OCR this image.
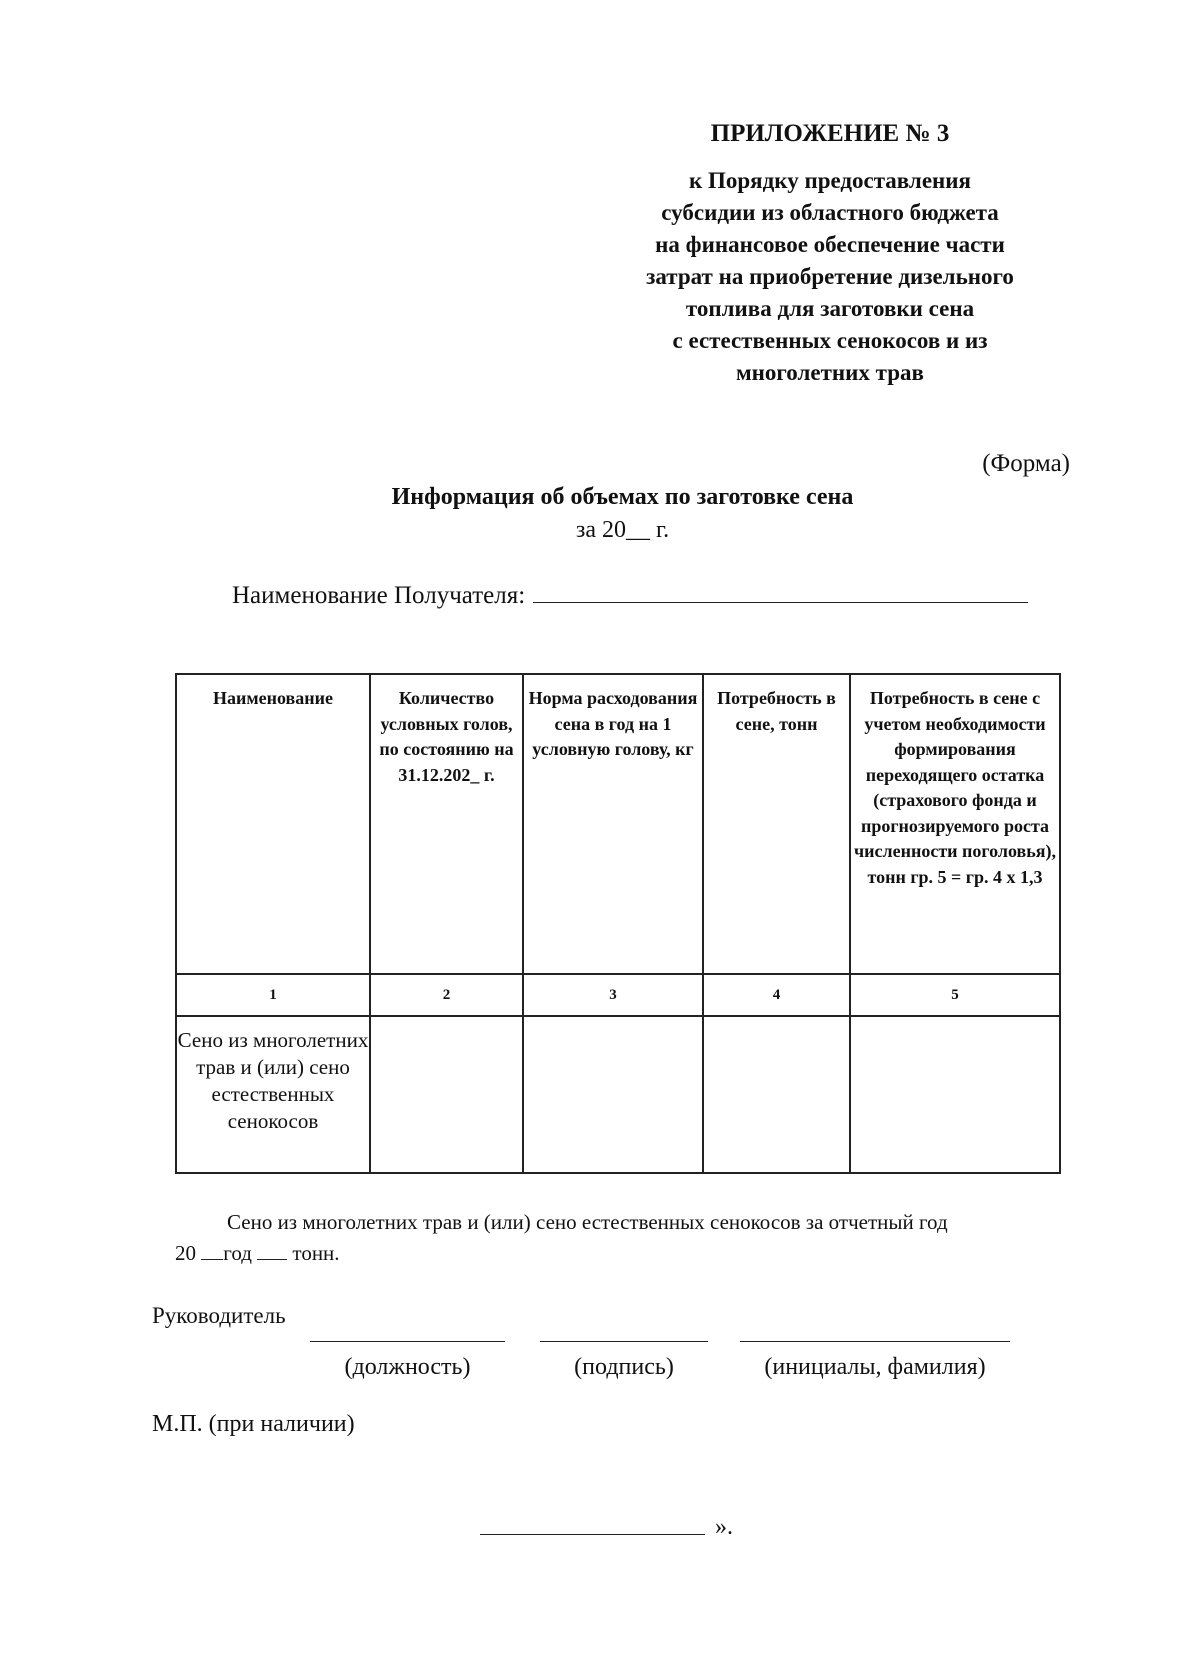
ПРИЛОЖЕНИЕ № 3
к Порядку предоставления
субсидии из областного бюджета
на финансовое обеспечение части
затрат на приобретение дизельного
топлива для заготовки сена
с естественных сенокосов и из
многолетних трав
(Форма)
Информация об объемах по заготовке сена
за 20__ г.
Наименование Получателя:
Наименование	Количество условных голов, по состоянию на 31.12.202_ г.	Норма расходования сена в год на 1 условную голову, кг	Потребность в сене, тонн	Потребность в сене с учетом необходимости формирования переходящего остатка (страхового фонда и прогнозируемого роста численности поголовья), тонн гр. 5 = гр. 4 х 1,3
1	2	3	4	5
Сено из многолетних трав и (или) сено естественных сенокосов				
Сено из многолетних трав и (или) сено естественных сенокосов за отчетный год
20 год тонн.
Руководитель
(должность)	(подпись)	(инициалы, фамилия)
М.П. (при наличии)
».
